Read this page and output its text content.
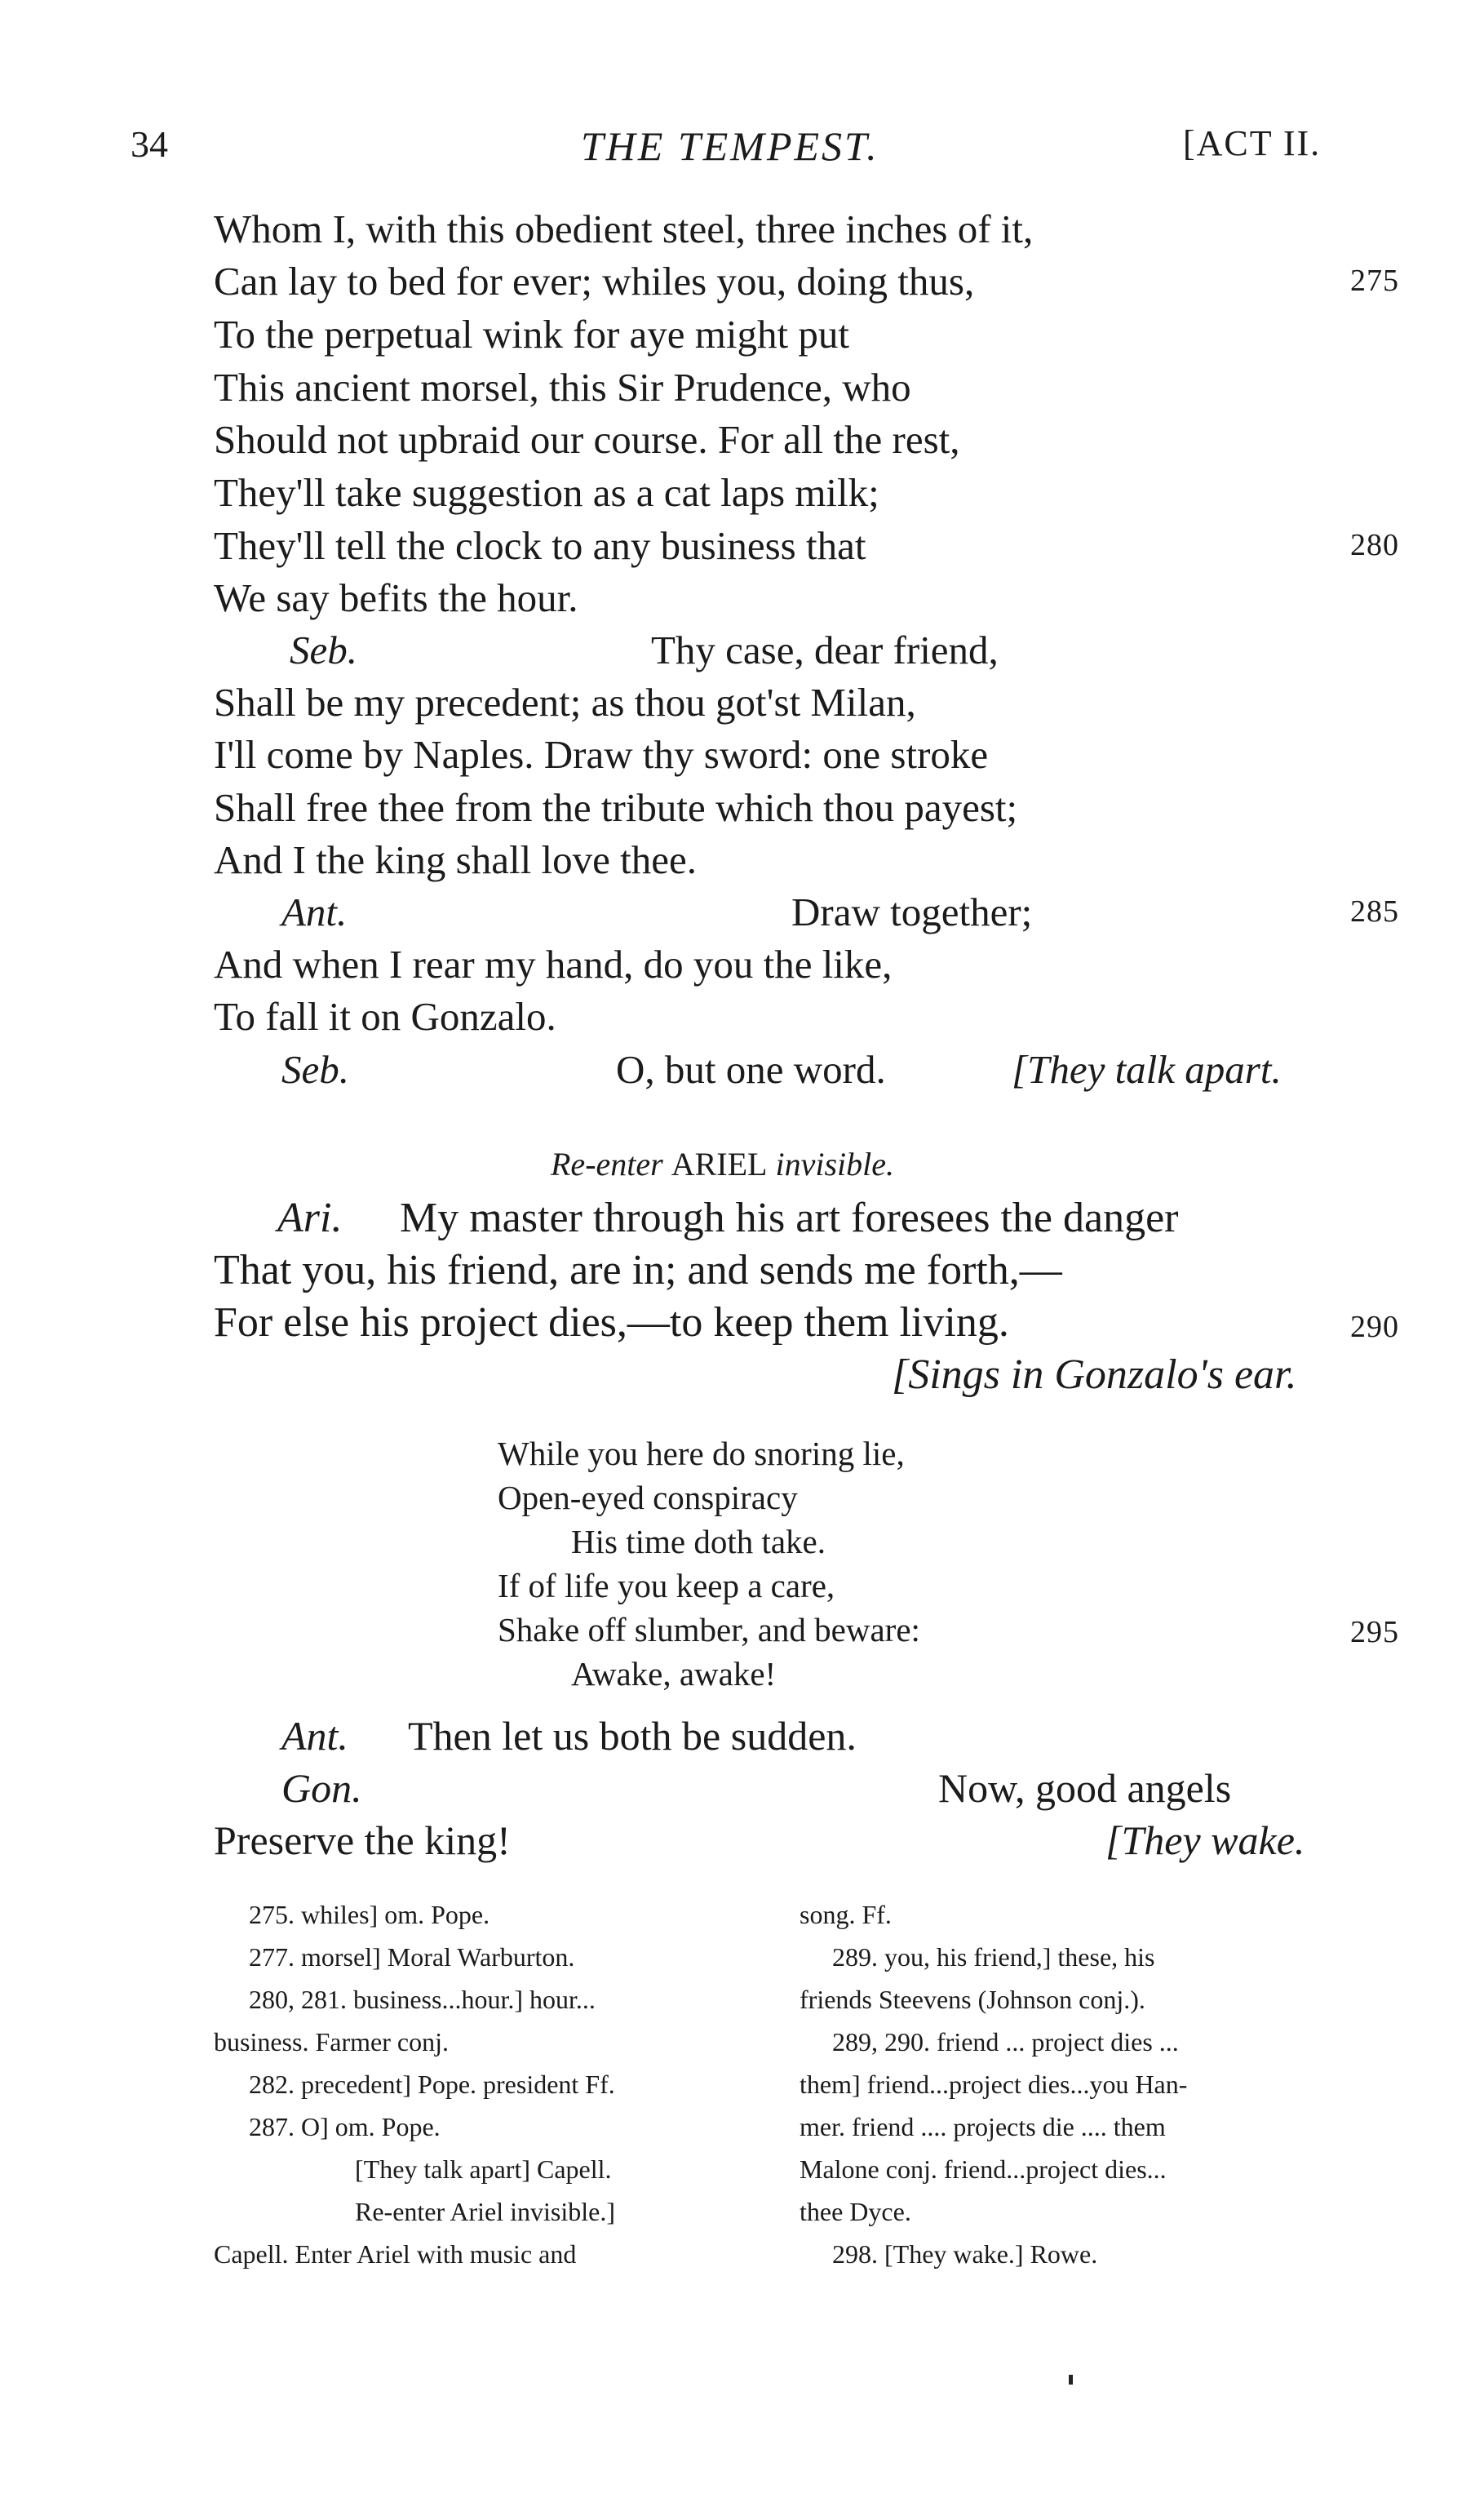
34	THE TEMPEST.	[ACT II.
Whom I, with this obedient steel, three inches of it,
Can lay to bed for ever; whiles you, doing thus,	275
To the perpetual wink for aye might put
This ancient morsel, this Sir Prudence, who
Should not upbraid our course. For all the rest,
They'll take suggestion as a cat laps milk;
They'll tell the clock to any business that	280
We say befits the hour.
Seb.	Thy case, dear friend,
Shall be my precedent; as thou got'st Milan,
I'll come by Naples. Draw thy sword: one stroke
Shall free thee from the tribute which thou payest;
And I the king shall love thee.
Ant.	Draw together;	285
And when I rear my hand, do you the like,
To fall it on Gonzalo.
Seb.	O, but one word.	[They talk apart.
Re-enter ARIEL invisible.
Ari. My master through his art foresees the danger
That you, his friend, are in; and sends me forth,—
For else his project dies,—to keep them living.	290
[Sings in Gonzalo's ear.
While you here do snoring lie,
Open-eyed conspiracy
His time doth take.
If of life you keep a care,
Shake off slumber, and beware:	295
Awake, awake!
Ant. Then let us both be sudden.
Gon.	Now, good angels
Preserve the king!	[They wake.
275. whiles] om. Pope.
277. morsel] Moral Warburton.
280, 281. business...hour.] hour...
business. Farmer conj.
282. precedent] Pope. president Ff.
287. O] om. Pope.
[They talk apart] Capell.
Re-enter Ariel invisible.]
Capell. Enter Ariel with music and
song. Ff.
289. you, his friend,] these, his
friends Steevens (Johnson conj.).
289, 290. friend ... project dies ...
them] friend...project dies...you Han-
mer. friend .... projects die .... them
Malone conj. friend...project dies...
thee Dyce.
298. [They wake.] Rowe.
